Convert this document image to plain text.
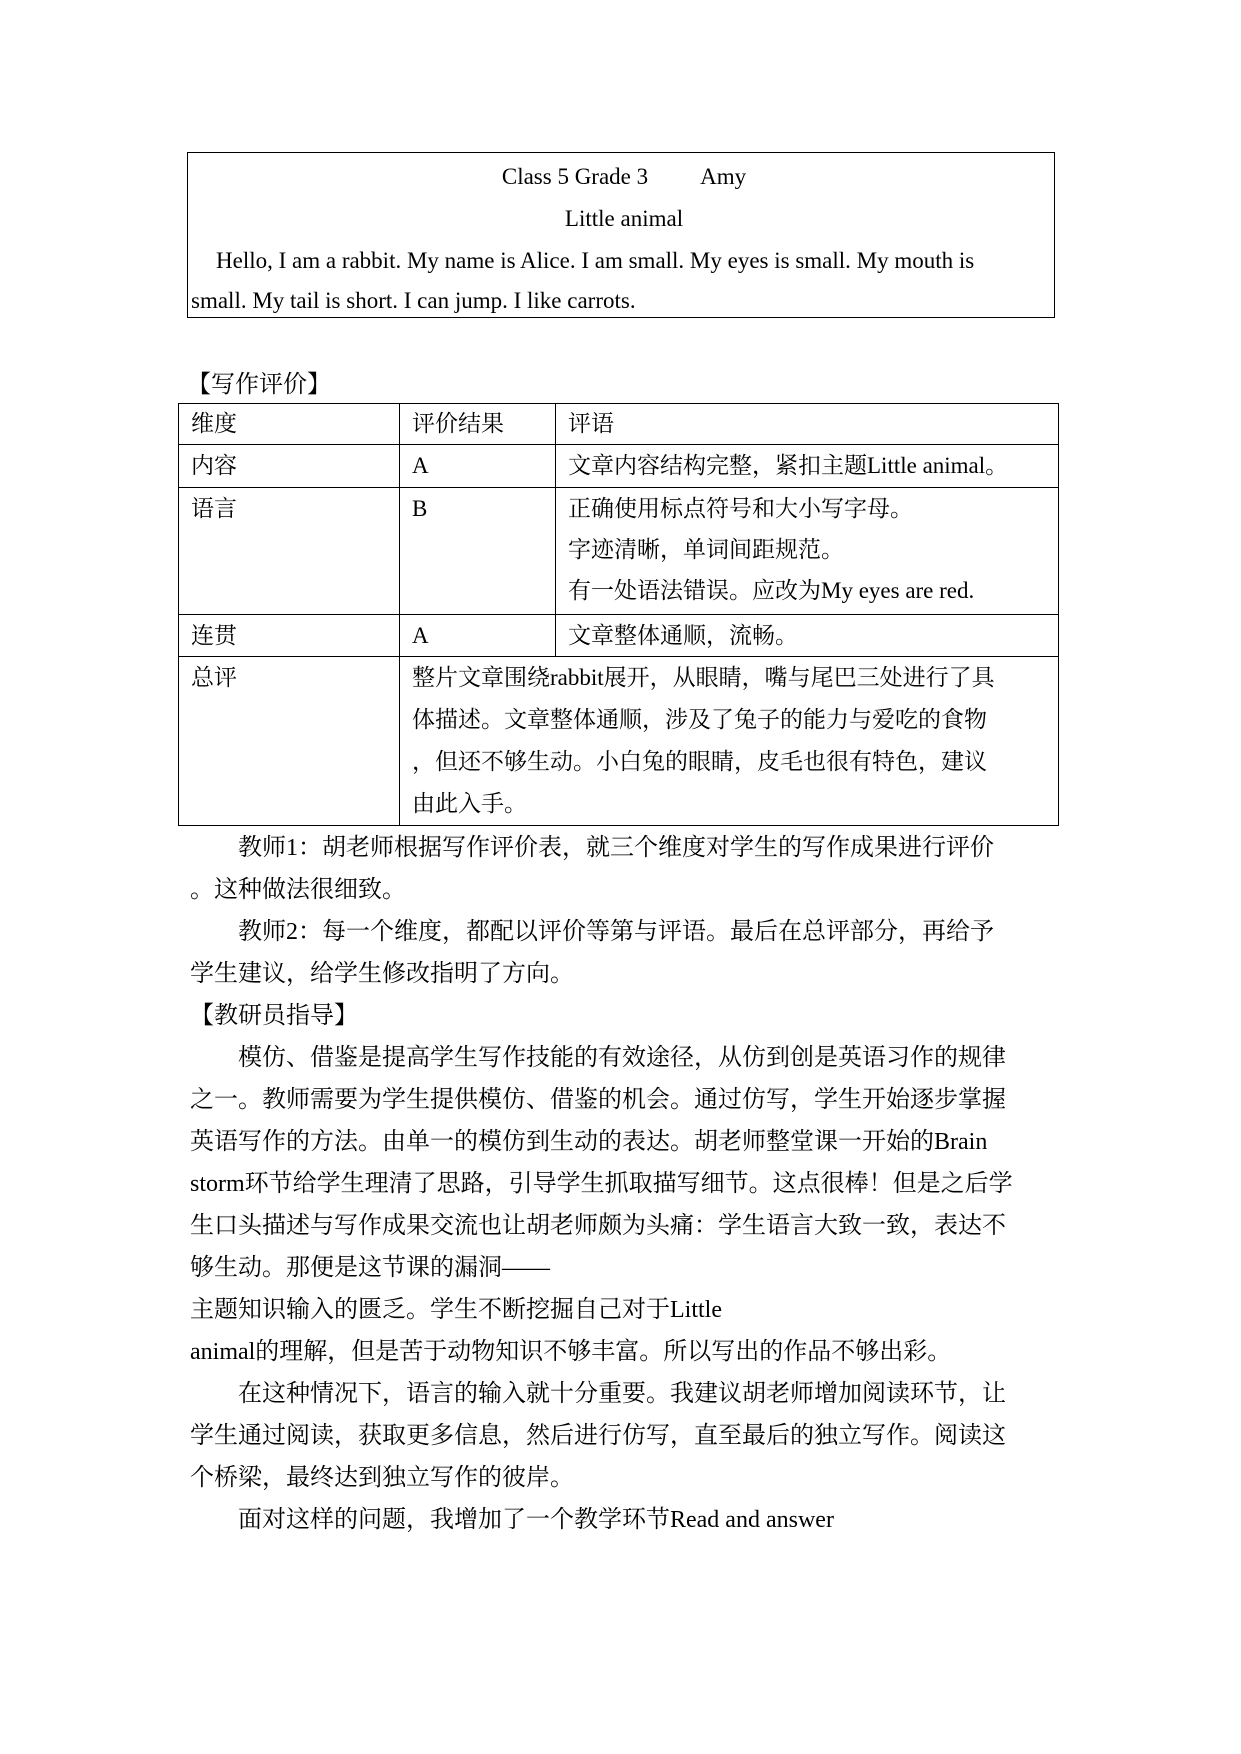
Class 5 Grade 3 Amy
Little animal
Hello, I am a rabbit. My name is Alice. I am small. My eyes is small. My mouth is
small. My tail is short. I can jump. I like carrots.
【写作评价】
维度	评价结果	评语
内容	A	文章内容结构完整，紧扣主题Little animal。
语言	B	正确使用标点符号和大小写字母。
字迹清晰，单词间距规范。
有一处语法错误。应改为My eyes are red.

连贯	A	文章整体通顺，流畅。
总评	整片文章围绕rabbit展开，从眼睛，嘴与尾巴三处进行了具
体描述。文章整体通顺，涉及了兔子的能力与爱吃的食物
，但还不够生动。小白兔的眼睛，皮毛也很有特色，建议
由此入手。	
教师1：胡老师根据写作评价表，就三个维度对学生的写作成果进行评价
。这种做法很细致。
教师2：每一个维度，都配以评价等第与评语。最后在总评部分，再给予
学生建议，给学生修改指明了方向。
【教研员指导】
模仿、借鉴是提高学生写作技能的有效途径，从仿到创是英语习作的规律
之一。教师需要为学生提供模仿、借鉴的机会。通过仿写，学生开始逐步掌握
英语写作的方法。由单一的模仿到生动的表达。胡老师整堂课一开始的Brain
storm环节给学生理清了思路，引导学生抓取描写细节。这点很棒！但是之后学
生口头描述与写作成果交流也让胡老师颇为头痛：学生语言大致一致，表达不
够生动。那便是这节课的漏洞——
主题知识输入的匮乏。学生不断挖掘自己对于Little
animal的理解，但是苦于动物知识不够丰富。所以写出的作品不够出彩。
在这种情况下，语言的输入就十分重要。我建议胡老师增加阅读环节，让
学生通过阅读，获取更多信息，然后进行仿写，直至最后的独立写作。阅读这
个桥梁，最终达到独立写作的彼岸。
面对这样的问题，我增加了一个教学环节Read and answer
